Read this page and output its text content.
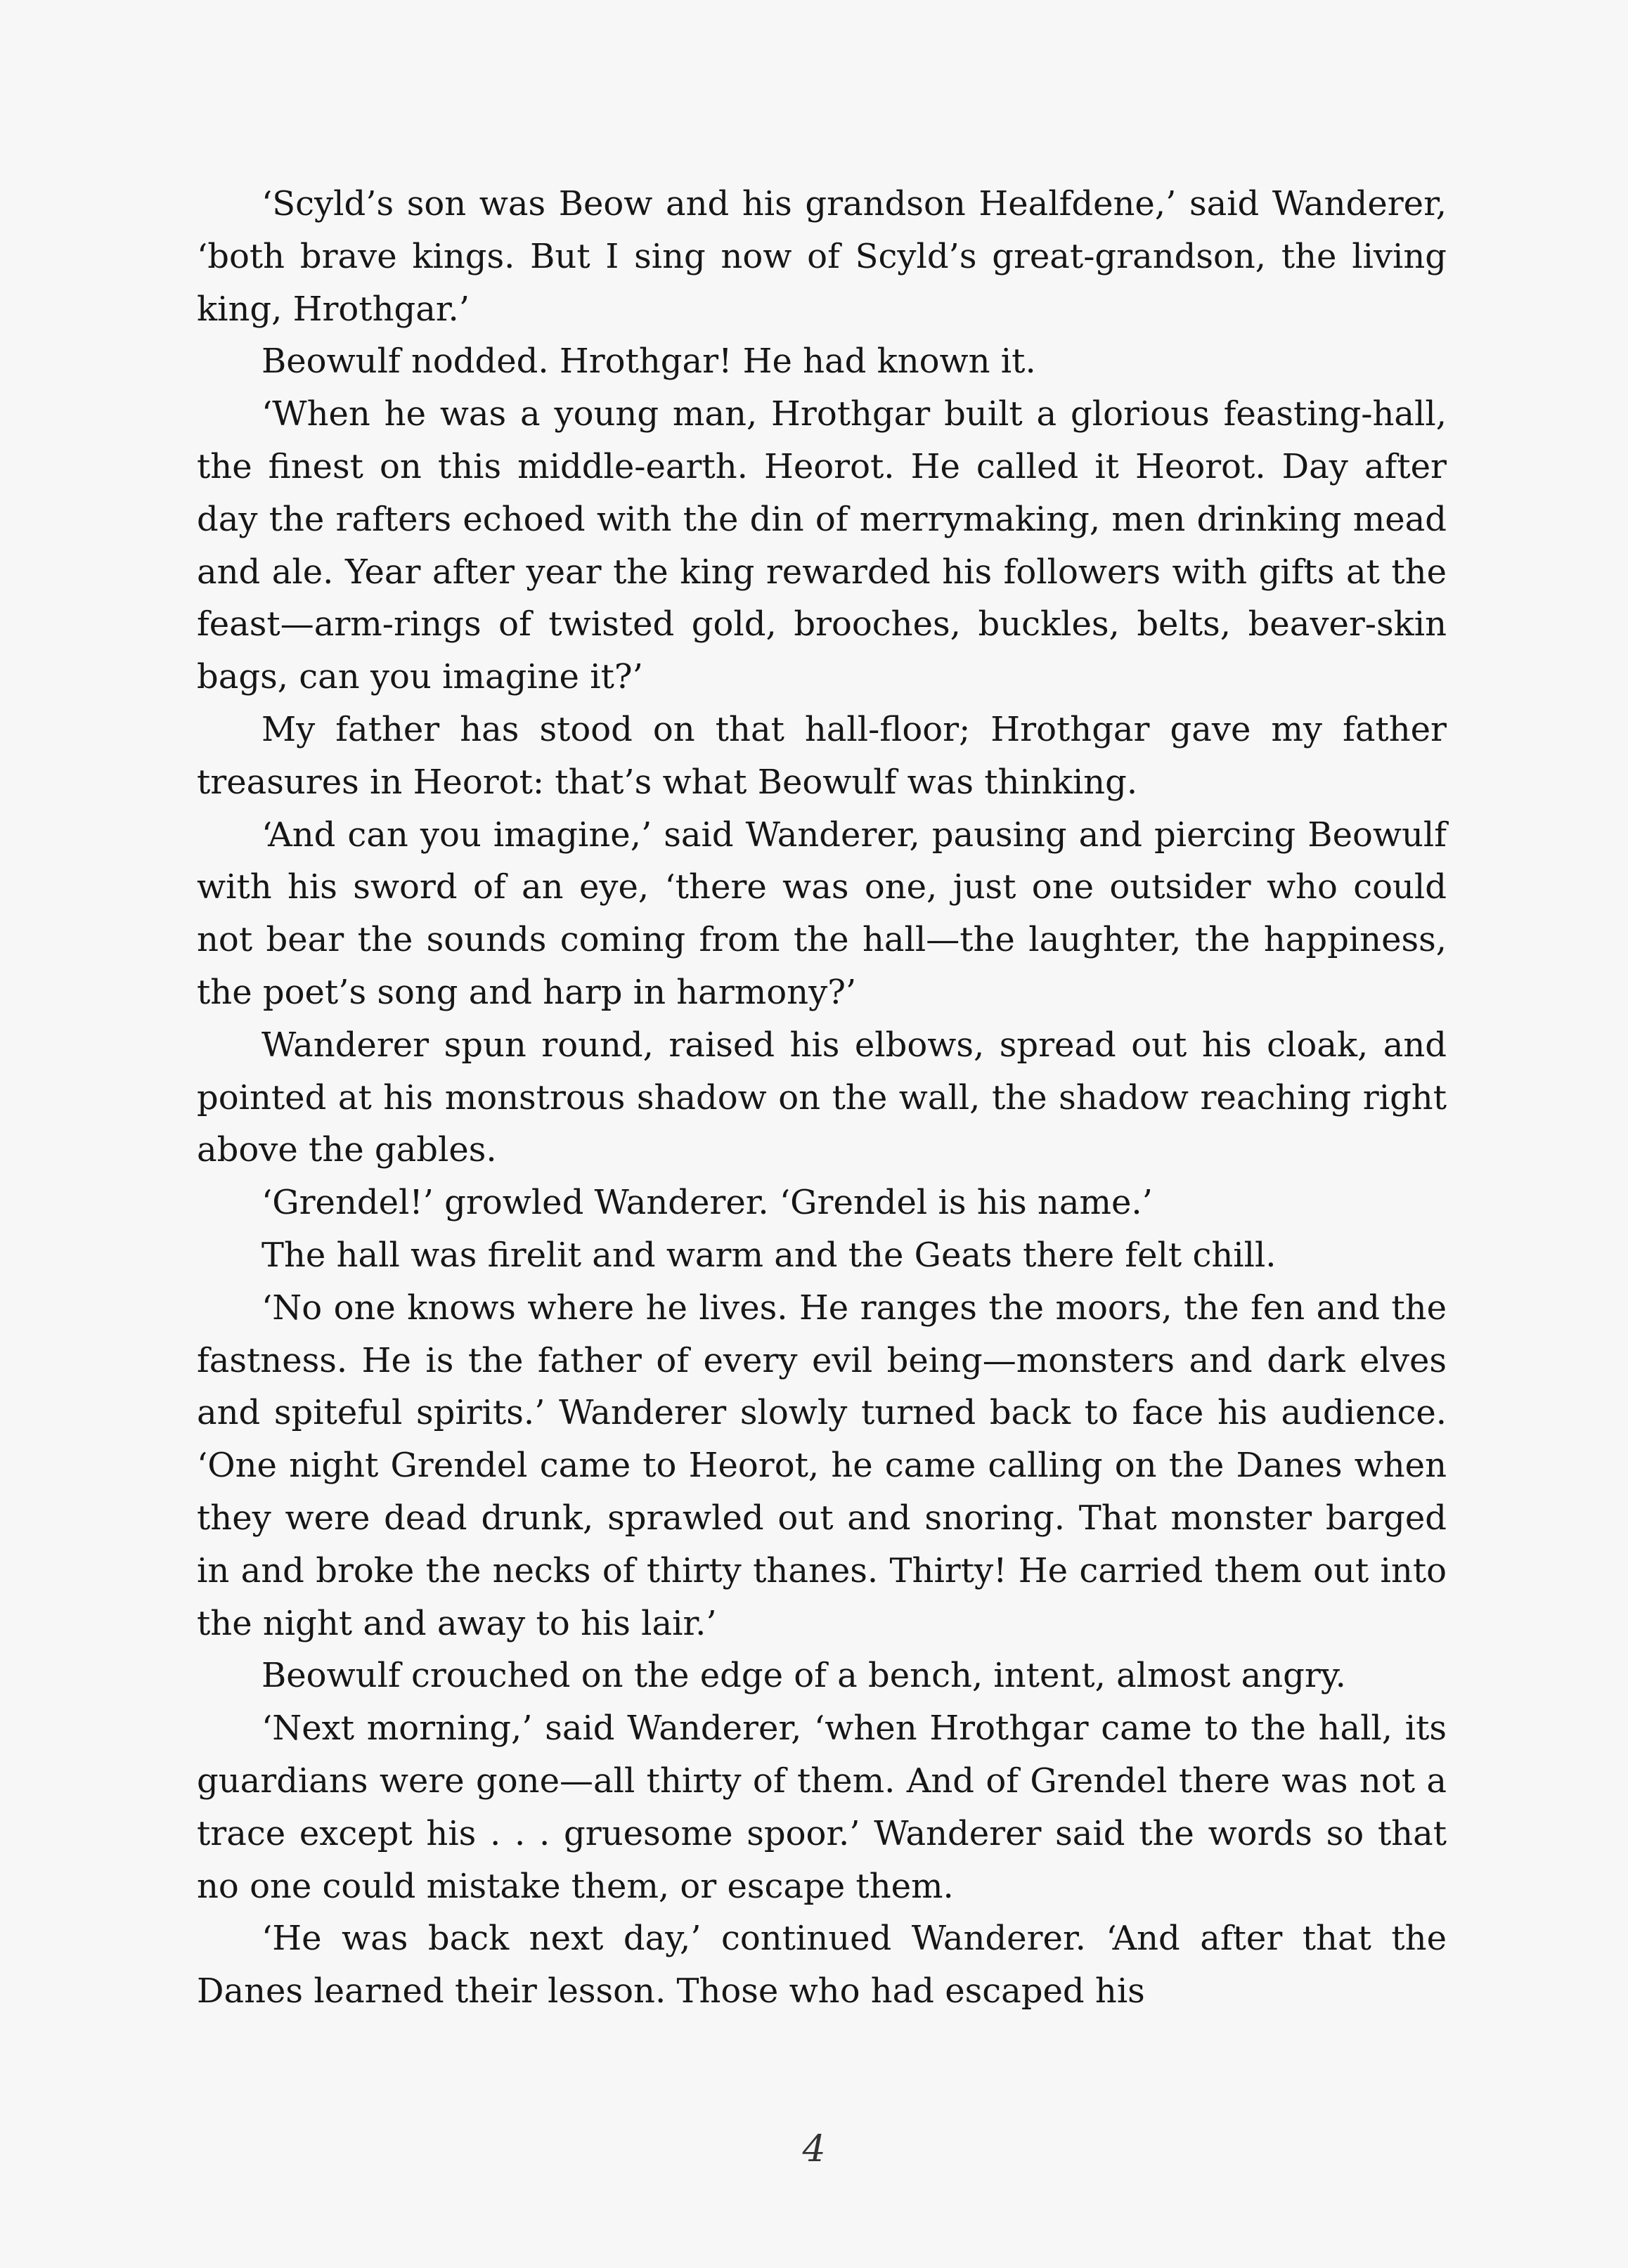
‘Scyld’s son was Beow and his grandson Healfdene,’ said Wanderer, ‘both brave kings. But I sing now of Scyld’s great-grandson, the living king, Hrothgar.’

Beowulf nodded. Hrothgar! He had known it.

‘When he was a young man, Hrothgar built a glorious feasting-hall, the finest on this middle-earth. Heorot. He called it Heorot. Day after day the rafters echoed with the din of merrymaking, men drinking mead and ale. Year after year the king rewarded his followers with gifts at the feast—arm-rings of twisted gold, brooches, buckles, belts, beaver-skin bags, can you imagine it?’

My father has stood on that hall-floor; Hrothgar gave my father treasures in Heorot: that’s what Beowulf was thinking.

‘And can you imagine,’ said Wanderer, pausing and piercing Beowulf with his sword of an eye, ‘there was one, just one outsider who could not bear the sounds coming from the hall—the laughter, the happiness, the poet’s song and harp in harmony?’

Wanderer spun round, raised his elbows, spread out his cloak, and pointed at his monstrous shadow on the wall, the shadow reaching right above the gables.

‘Grendel!’ growled Wanderer. ‘Grendel is his name.’

The hall was firelit and warm and the Geats there felt chill.

‘No one knows where he lives. He ranges the moors, the fen and the fastness. He is the father of every evil being—monsters and dark elves and spiteful spirits.’ Wanderer slowly turned back to face his audience. ‘One night Grendel came to Heorot, he came calling on the Danes when they were dead drunk, sprawled out and snoring. That monster barged in and broke the necks of thirty thanes. Thirty! He carried them out into the night and away to his lair.’

Beowulf crouched on the edge of a bench, intent, almost angry.

‘Next morning,’ said Wanderer, ‘when Hrothgar came to the hall, its guardians were gone—all thirty of them. And of Grendel there was not a trace except his . . . gruesome spoor.’ Wanderer said the words so that no one could mistake them, or escape them.

‘He was back next day,’ continued Wanderer. ‘And after that the Danes learned their lesson. Those who had escaped his

4
